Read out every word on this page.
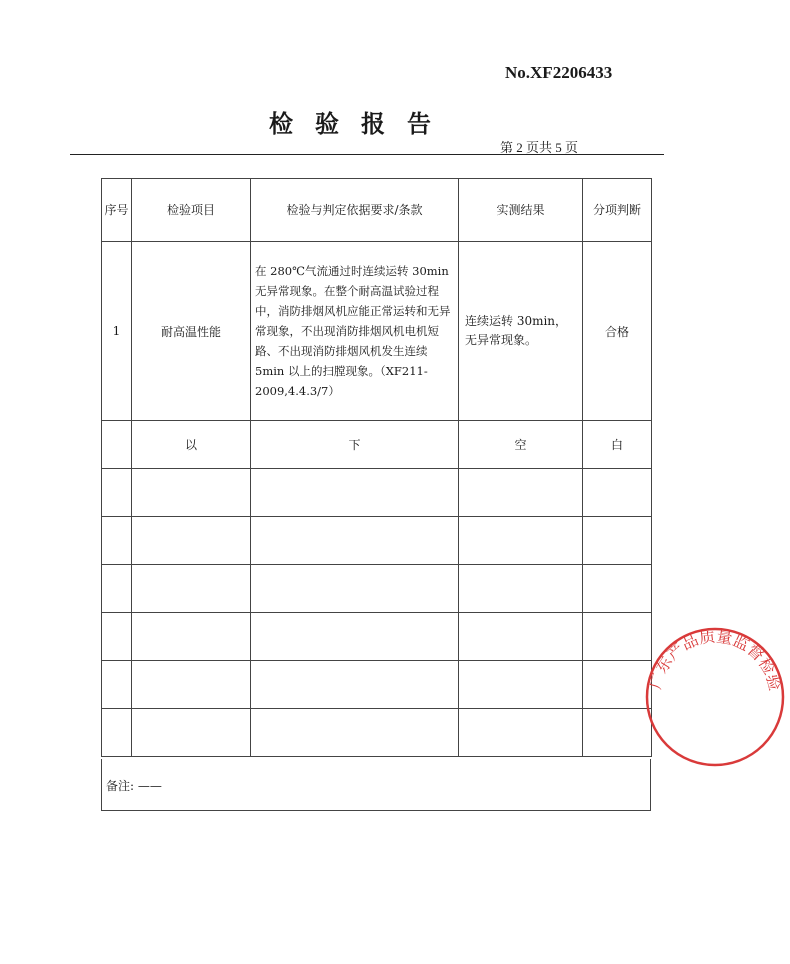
No.XF2206433
检验报告
第 2 页共 5 页
序号	检验项目	检验与判定依据要求/条款	实测结果	分项判断
1	耐高温性能	在 280℃气流通过时连续运转 30min 无异常现象。在整个耐高温试验过程中，消防排烟风机应能正常运转和无异常现象，不出现消防排烟风机电机短路、不出现消防排烟风机发生连续 5min 以上的扫膛现象。（XF211-2009,4.4.3/7）	连续运转 30min，无异常现象。	合格
	以	下	空	白

备注: ——
广东产品质量监督检验
